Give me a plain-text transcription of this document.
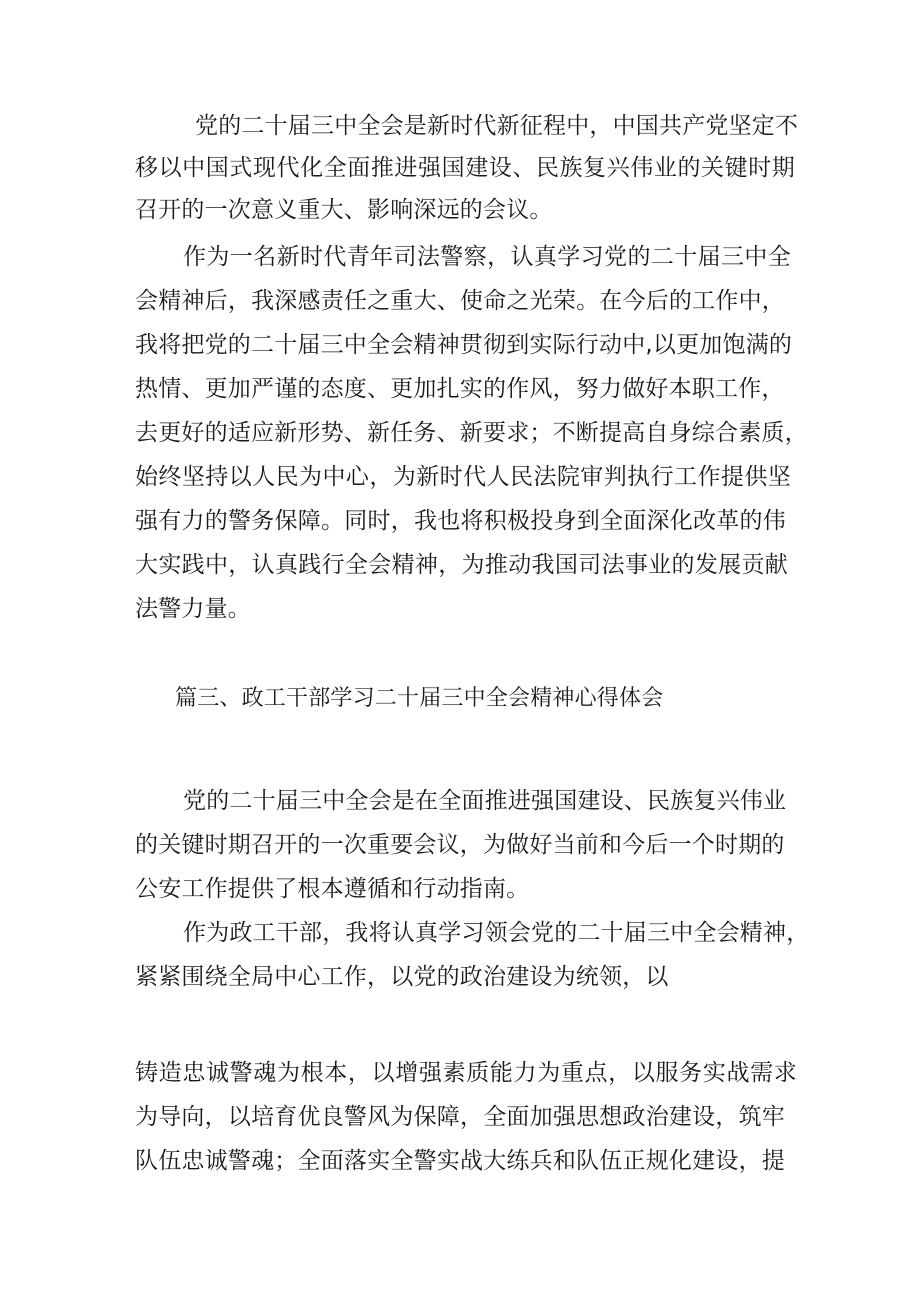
党的二十届三中全会是新时代新征程中，中国共产党坚定不
移以中国式现代化全面推进强国建设、民族复兴伟业的关键时期
召开的一次意义重大、影响深远的会议。
作为一名新时代青年司法警察，认真学习党的二十届三中全
会精神后，我深感责任之重大、使命之光荣。在今后的工作中，
我将把党的二十届三中全会精神贯彻到实际行动中,以更加饱满的
热情、更加严谨的态度、更加扎实的作风，努力做好本职工作，
去更好的适应新形势、新任务、新要求；不断提高自身综合素质，
始终坚持以人民为中心，为新时代人民法院审判执行工作提供坚
强有力的警务保障。同时，我也将积极投身到全面深化改革的伟
大实践中，认真践行全会精神，为推动我国司法事业的发展贡献
法警力量。
篇三、政工干部学习二十届三中全会精神心得体会
党的二十届三中全会是在全面推进强国建设、民族复兴伟业
的关键时期召开的一次重要会议，为做好当前和今后一个时期的
公安工作提供了根本遵循和行动指南。
作为政工干部，我将认真学习领会党的二十届三中全会精神，
紧紧围绕全局中心工作，以党的政治建设为统领，以
铸造忠诚警魂为根本，以增强素质能力为重点，以服务实战需求
为导向，以培育优良警风为保障，全面加强思想政治建设，筑牢
队伍忠诚警魂；全面落实全警实战大练兵和队伍正规化建设，提
